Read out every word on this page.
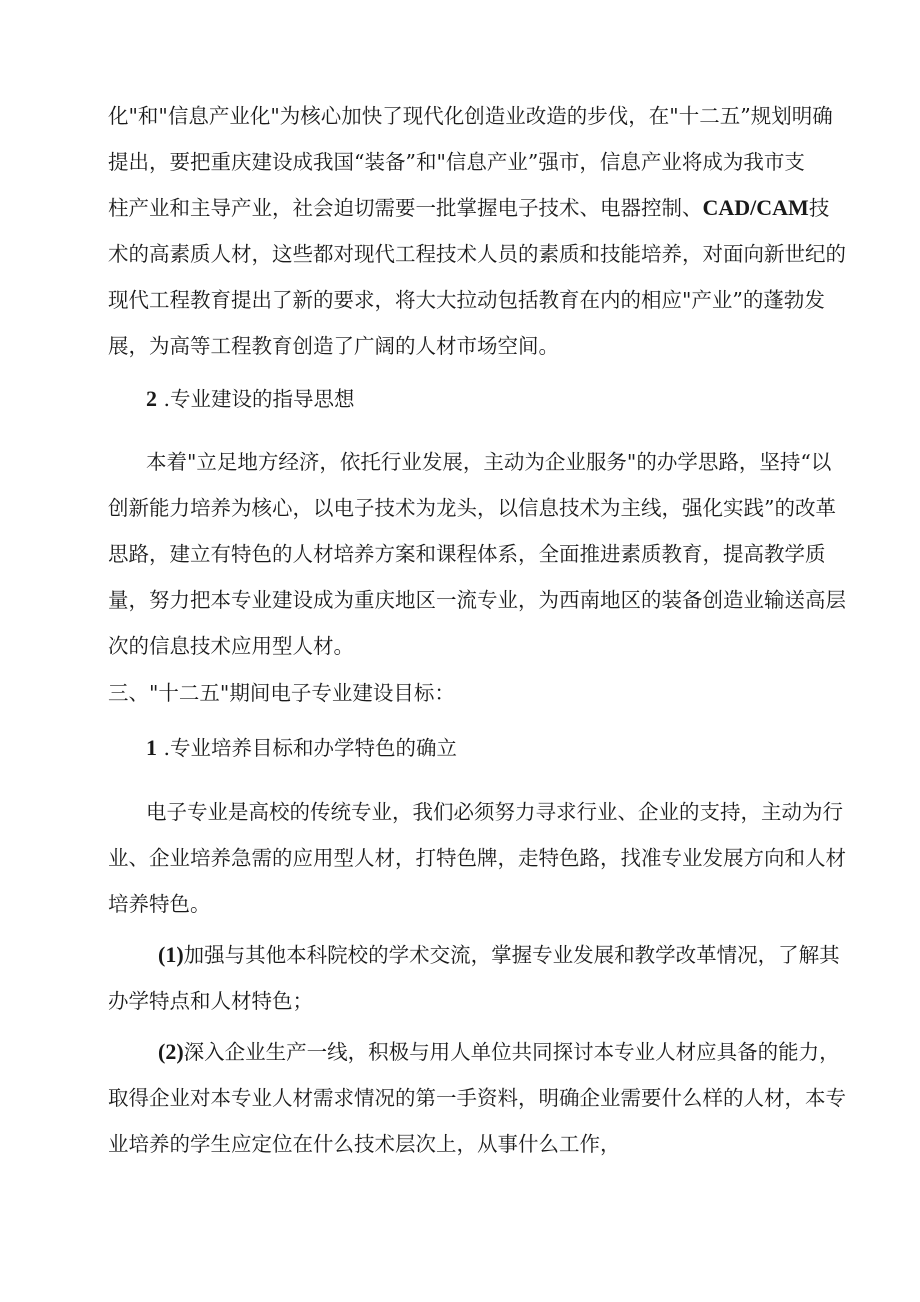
化"和"信息产业化"为核心加快了现代化创造业改造的步伐，在"十二五”规划明确

提出，要把重庆建设成我国“装备”和"信息产业”强市，信息产业将成为我市支

柱产业和主导产业，社会迫切需要一批掌握电子技术、电器控制、CAD/CAM技

术的高素质人材，这些都对现代工程技术人员的素质和技能培养，对面向新世纪的

现代工程教育提出了新的要求，将大大拉动包括教育在内的相应"产业”的蓬勃发

展，为高等工程教育创造了广阔的人材市场空间。

2 .专业建设的指导思想

本着"立足地方经济，依托行业发展，主动为企业服务"的办学思路，坚持“以

创新能力培养为核心，以电子技术为龙头，以信息技术为主线，强化实践”的改革

思路，建立有特色的人材培养方案和课程体系，全面推进素质教育，提高教学质

量，努力把本专业建设成为重庆地区一流专业，为西南地区的装备创造业输送高层

次的信息技术应用型人材。

三、"十二五"期间电子专业建设目标：

1 .专业培养目标和办学特色的确立

电子专业是高校的传统专业，我们必须努力寻求行业、企业的支持，主动为行

业、企业培养急需的应用型人材，打特色牌，走特色路，找准专业发展方向和人材

培养特色。

(1)加强与其他本科院校的学术交流，掌握专业发展和教学改革情况，了解其

办学特点和人材特色；

(2)深入企业生产一线，积极与用人单位共同探讨本专业人材应具备的能力，

取得企业对本专业人材需求情况的第一手资料，明确企业需要什么样的人材，本专

业培养的学生应定位在什么技术层次上，从事什么工作，
